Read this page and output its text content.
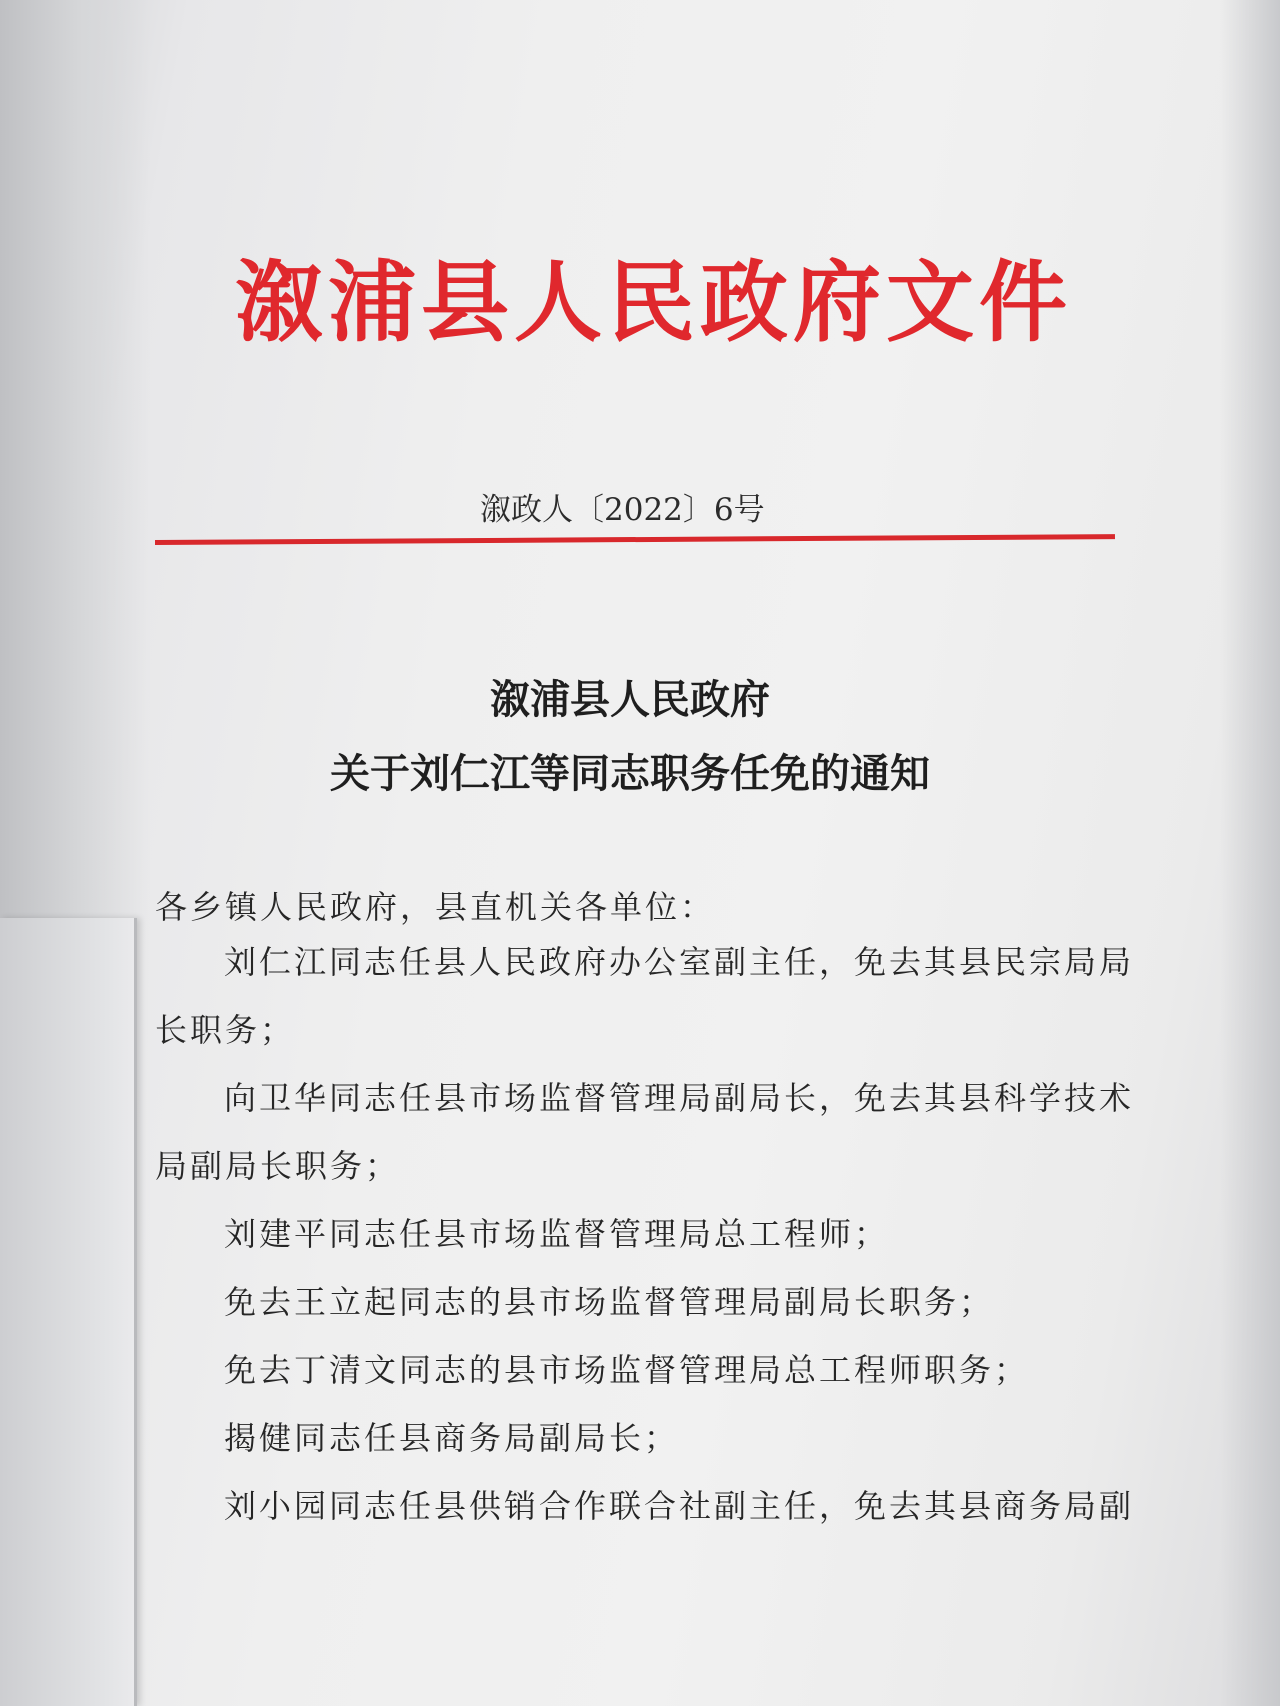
溆浦县人民政府文件
溆政人〔2022〕6号
溆浦县人民政府
关于刘仁江等同志职务任免的通知
各乡镇人民政府，县直机关各单位：
刘仁江同志任县人民政府办公室副主任，免去其县民宗局局
长职务；
向卫华同志任县市场监督管理局副局长，免去其县科学技术
局副局长职务；
刘建平同志任县市场监督管理局总工程师；
免去王立起同志的县市场监督管理局副局长职务；
免去丁清文同志的县市场监督管理局总工程师职务；
揭健同志任县商务局副局长；
刘小园同志任县供销合作联合社副主任，免去其县商务局副
